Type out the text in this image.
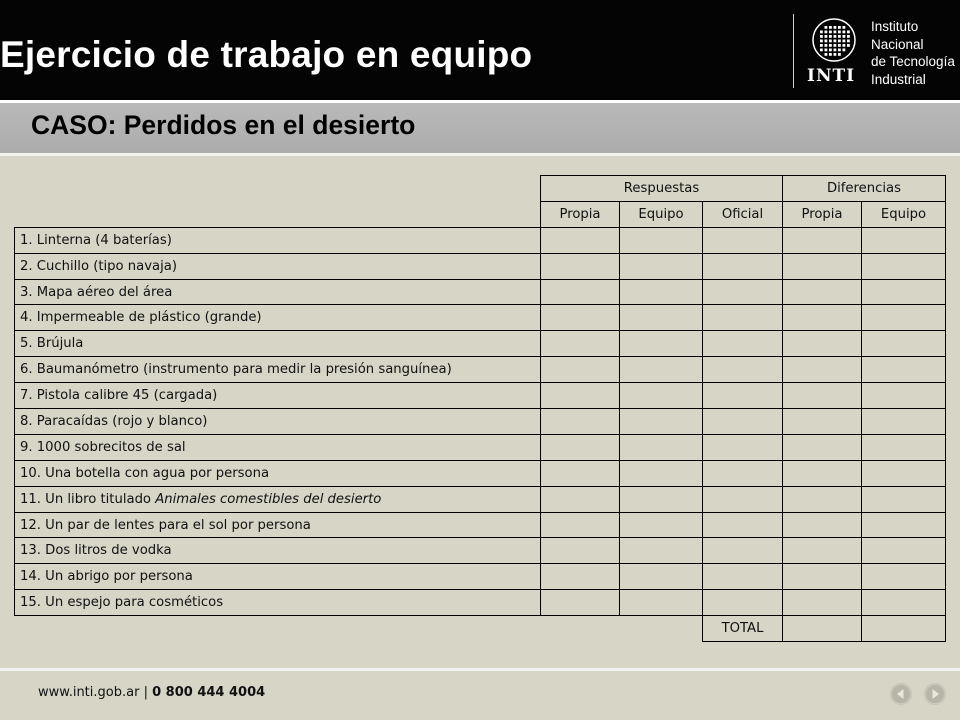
Ejercicio de trabajo en equipo
INTI
Instituto
Nacional
de Tecnología
Industrial
CASO: Perdidos en el desierto
	Respuestas			Diferencias	
	Propia	Equipo	Oficial	Propia	Equipo
1. Linterna (4 baterías)					
2. Cuchillo (tipo navaja)					
3. Mapa aéreo del área					
4. Impermeable de plástico (grande)					
5. Brújula					
6. Baumanómetro (instrumento para medir la presión sanguínea)					
7. Pistola calibre 45 (cargada)					
8. Paracaídas (rojo y blanco)					
9. 1000 sobrecitos de sal					
10. Una botella con agua por persona					
11. Un libro titulado Animales comestibles del desierto					
12. Un par de lentes para el sol por persona					
13. Dos litros de vodka					
14. Un abrigo por persona					
15. Un espejo para cosméticos					
			TOTAL		
www.inti.gob.ar | 0 800 444 4004
